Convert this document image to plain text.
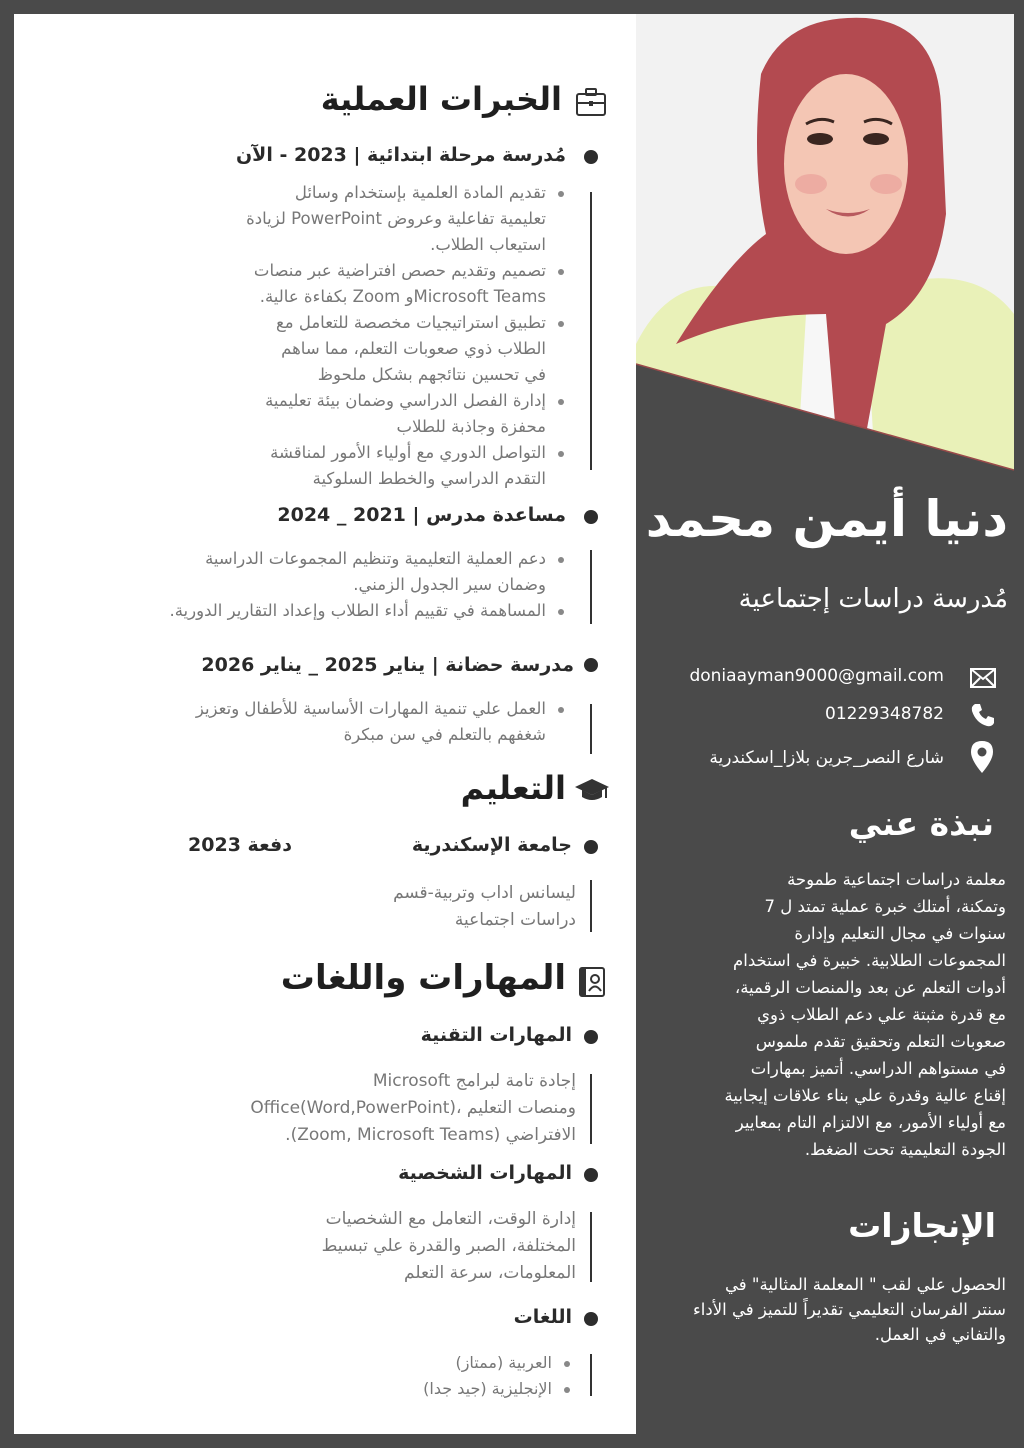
الخبرات العملية
مُدرسة مرحلة ابتدائية | 2023 - الآن
تقديم المادة العلمية بإستخدام وسائل
تعليمية تفاعلية وعروض PowerPoint لزيادة
استيعاب الطلاب.
تصميم وتقديم حصص افتراضية عبر منصات
Microsoft Teamsو Zoom بكفاءة عالية.
تطبيق استراتيجيات مخصصة للتعامل مع
الطلاب ذوي صعوبات التعلم، مما ساهم
في تحسين نتائجهم بشكل ملحوظ
إدارة الفصل الدراسي وضمان بيئة تعليمية
محفزة وجاذبة للطلاب
التواصل الدوري مع أولياء الأمور لمناقشة
التقدم الدراسي والخطط السلوكية
مساعدة مدرس | 2021 _ 2024
دعم العملية التعليمية وتنظيم المجموعات الدراسية
وضمان سير الجدول الزمني.
المساهمة في تقييم أداء الطلاب وإعداد التقارير الدورية.
مدرسة حضانة | يناير 2025 _ يناير 2026
العمل علي تنمية المهارات الأساسية للأطفال وتعزيز
شغفهم بالتعلم في سن مبكرة
التعليم
جامعة الإسكندرية
دفعة 2023
ليسانس اداب وتربية-قسم
دراسات اجتماعية
المهارات واللغات
المهارات التقنية
إجادة تامة لبرامج Microsoft
Office(Word,PowerPoint)، ومنصات التعليم
الافتراضي (Zoom, Microsoft Teams).
المهارات الشخصية
إدارة الوقت، التعامل مع الشخصيات
المختلفة، الصبر والقدرة علي تبسيط
المعلومات، سرعة التعلم
اللغات
العربية (ممتاز)
الإنجليزية (جيد جدا)
دنيا أيمن محمد
مُدرسة دراسات إجتماعية
doniaayman9000@gmail.com
01229348782
شارع النصر_جرين بلازا_اسكندرية
نبذة عني
معلمة دراسات اجتماعية طموحة
وتمكنة، أمتلك خبرة عملية تمتد ل 7
سنوات في مجال التعليم وإدارة
المجموعات الطلابية. خبيرة في استخدام
أدوات التعلم عن بعد والمنصات الرقمية،
مع قدرة مثبتة علي دعم الطلاب ذوي
صعوبات التعلم وتحقيق تقدم ملموس
في مستواهم الدراسي. أتميز بمهارات
إقناع عالية وقدرة علي بناء علاقات إيجابية
مع أولياء الأمور، مع الالتزام التام بمعايير
الجودة التعليمية تحت الضغط.
الإنجازات
الحصول علي لقب " المعلمة المثالية" في
سنتر الفرسان التعليمي تقديراً للتميز في الأداء
والتفاني في العمل.
